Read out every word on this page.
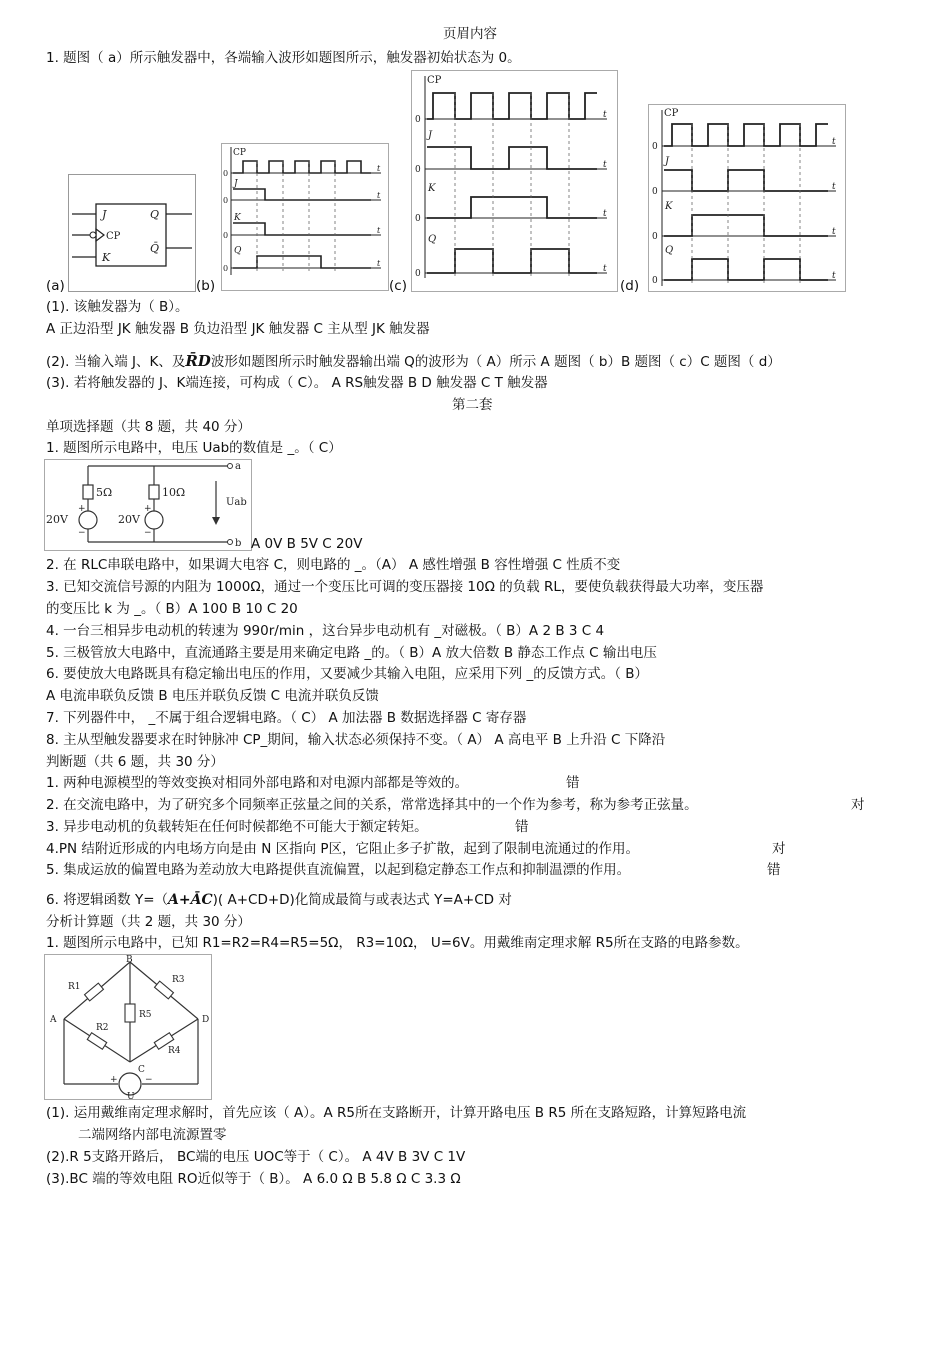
页眉内容
1. 题图（ a）所示触发器中，各端输入波形如题图所示，触发器初始状态为 0。
J
CP
K
Q
Q̄
(a)
CP
J
K
Q
0
0
0
0
t
t
t
t
(b)
CP
J
K
Q
0
0
0
0
t
t
t
t
(c)
CP
J
K
Q
0
0
0
0
t
t
t
t
(d)
(1). 该触发器为（ B）。
A 正边沿型 JK 触发器 B 负边沿型 JK 触发器 C 主从型 JK 触发器
(2). 当输入端 J、K、及R̄D波形如题图所示时触发器输出端 Q的波形为（ A）所示 A 题图（ b）B 题图（ c）C 题图（ d）
(3). 若将触发器的 J、K端连接，可构成（ C）。 A RS触发器 B D 触发器 C T 触发器
第二套
单项选择题（共 8 题，共 40 分）
1. 题图所示电路中，电压 Uab的数值是 _。（ C）
5Ω	10Ω
20V	20V
+
−
+
−
Uab
a
b A 0V B 5V C 20V
2. 在 RLC串联电路中，如果调大电容 C，则电路的 _。（A） A 感性增强 B 容性增强 C 性质不变
3. 已知交流信号源的内阻为 1000Ω，通过一个变压比可调的变压器接 10Ω 的负载 RL，要使负载获得最大功率，变压器
的变压比 k 为 _。（ B）A 100 B 10 C 20
4. 一台三相异步电动机的转速为 990r/min ，这台异步电动机有 _对磁极。（ B）A 2 B 3 C 4
5. 三极管放大电路中，直流通路主要是用来确定电路 _的。（ B）A 放大倍数 B 静态工作点 C 输出电压
6. 要使放大电路既具有稳定输出电压的作用，又要减少其输入电阻，应采用下列 _的反馈方式。（ B）
A 电流串联负反馈 B 电压并联负反馈 C 电流并联负反馈
7. 下列器件中， _不属于组合逻辑电路。（ C） A 加法器 B 数据选择器 C 寄存器
8. 主从型触发器要求在时钟脉冲 CP_期间，输入状态必须保持不变。（ A） A 高电平 B 上升沿 C 下降沿
判断题（共 6 题，共 30 分）
1. 两种电源模型的等效变换对相同外部电路和对电源内部都是等效的。	错
2. 在交流电路中，为了研究多个同频率正弦量之间的关系，常常选择其中的一个作为参考，称为参考正弦量。	对
3. 异步电动机的负载转矩在任何时候都绝不可能大于额定转矩。	错
4.PN 结附近形成的内电场方向是由 N 区指向 P区，它阻止多子扩散，起到了限制电流通过的作用。	对
5. 集成运放的偏置电路为差动放大电路提供直流偏置，以起到稳定静态工作点和抑制温漂的作用。	错
6. 将逻辑函数 Y=（A+ĀC)( A+CD+D)化简成最简与或表达式 Y=A+CD 对
分析计算题（共 2 题，共 30 分）
1. 题图所示电路中，已知 R1=R2=R4=R5=5Ω， R3=10Ω， U=6V。用戴维南定理求解 R5所在支路的电路参数。
R1
R3
R2
R4
R5
B
A	D
C
U
+	−
(1). 运用戴维南定理求解时，首先应该（ A）。A R5所在支路断开，计算开路电压 B R5 所在支路短路，计算短路电流
二端网络内部电流源置零
(2).R 5支路开路后， BC端的电压 UOC等于（ C）。 A 4V B 3V C 1V
(3).BC 端的等效电阻 RO近似等于（ B）。 A 6.0 Ω B 5.8 Ω C 3.3 Ω
